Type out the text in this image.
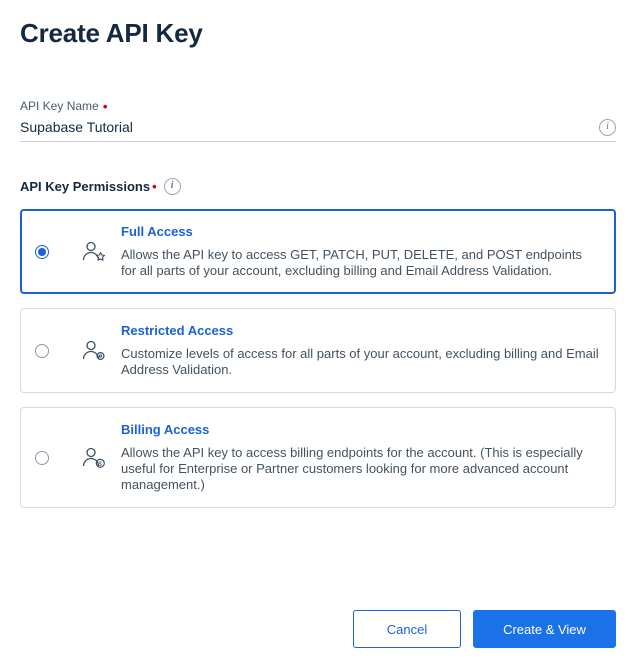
Create API Key
API Key Name •
Supabase Tutorial
i
API Key Permissions •	i

Full Access

Allows the API key to access GET, PATCH, PUT, DELETE, and POST endpoints for all parts of your account, excluding billing and Email Address Validation.

Restricted Access

Customize levels of access for all parts of your account, excluding billing and Email Address Validation.

$

Billing Access

Allows the API key to access billing endpoints for the account. (This is especially useful for Enterprise or Partner customers looking for more advanced account management.)

Cancel	Create & View
